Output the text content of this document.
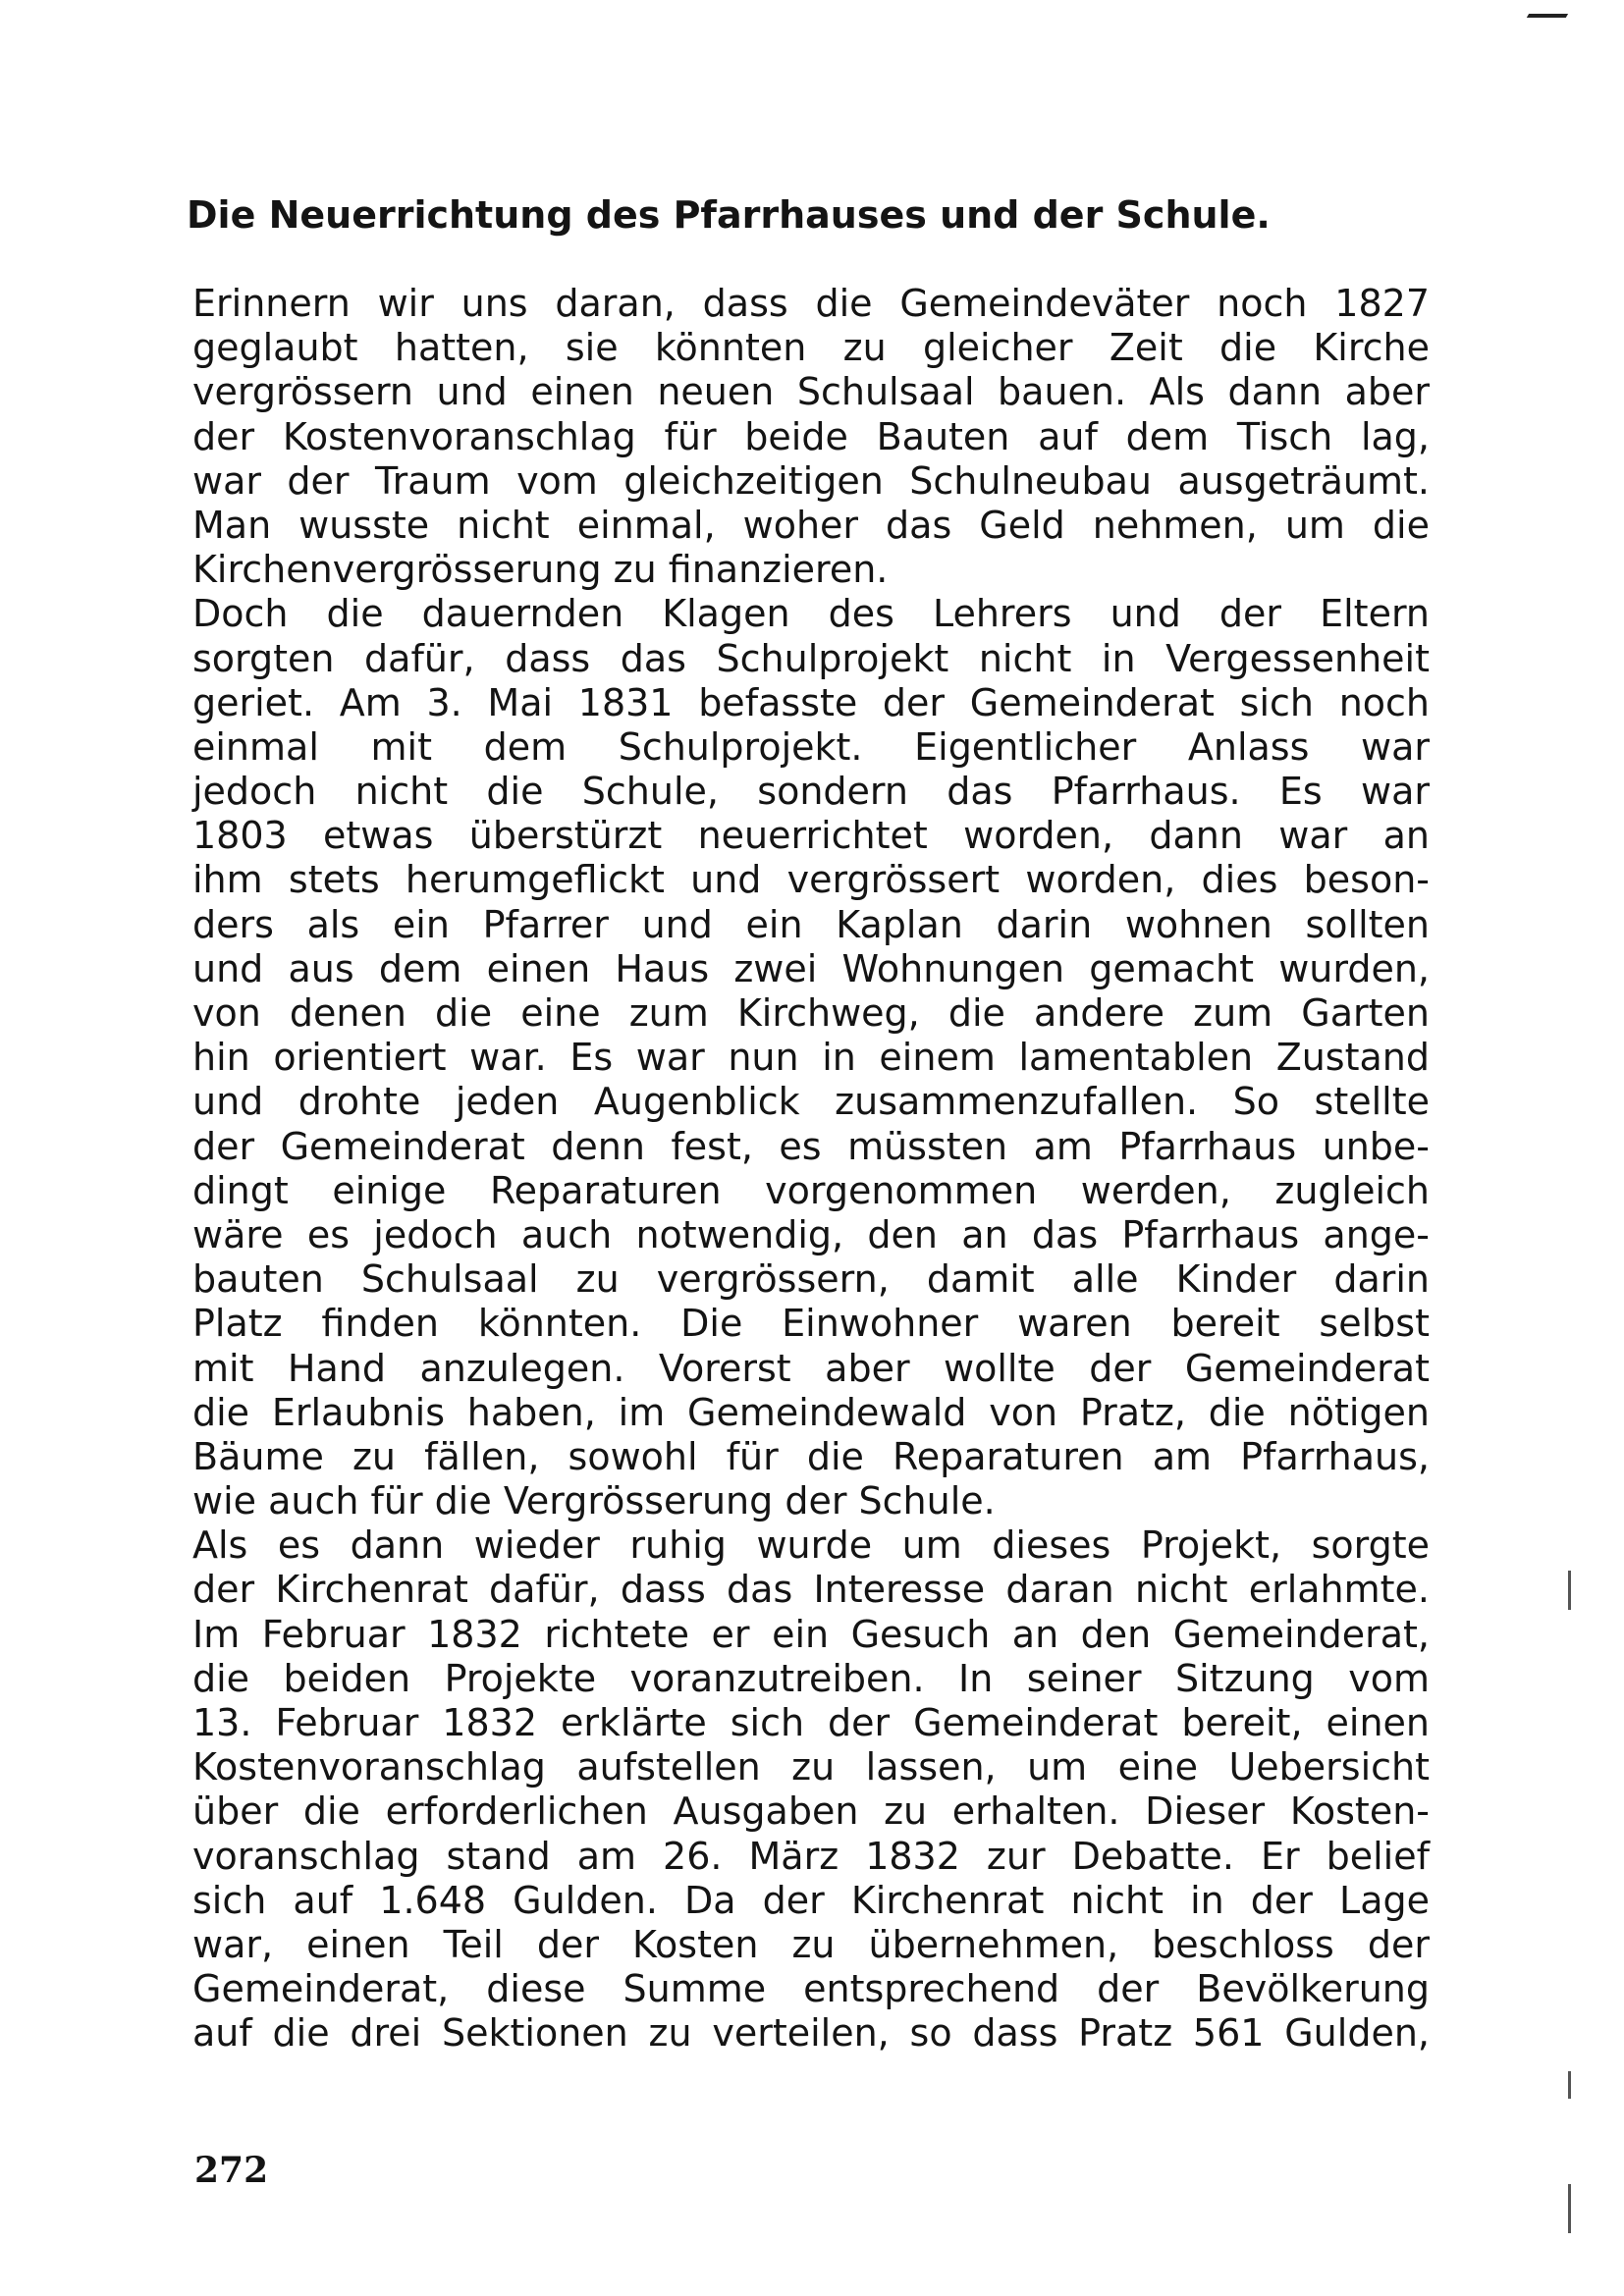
Die Neuerrichtung des Pfarrhauses und der Schule.
Erinnern wir uns daran, dass die Gemeindeväter noch 1827
geglaubt hatten, sie könnten zu gleicher Zeit die Kirche
vergrössern und einen neuen Schulsaal bauen. Als dann aber
der Kostenvoranschlag für beide Bauten auf dem Tisch lag,
war der Traum vom gleichzeitigen Schulneubau ausgeträumt.
Man wusste nicht einmal, woher das Geld nehmen, um die
Kirchenvergrösserung zu finanzieren.
Doch die dauernden Klagen des Lehrers und der Eltern
sorgten dafür, dass das Schulprojekt nicht in Vergessenheit
geriet. Am 3. Mai 1831 befasste der Gemeinderat sich noch
einmal mit dem Schulprojekt. Eigentlicher Anlass war
jedoch nicht die Schule, sondern das Pfarrhaus. Es war
1803 etwas überstürzt neuerrichtet worden, dann war an
ihm stets herumgeflickt und vergrössert worden, dies beson-
ders als ein Pfarrer und ein Kaplan darin wohnen sollten
und aus dem einen Haus zwei Wohnungen gemacht wurden,
von denen die eine zum Kirchweg, die andere zum Garten
hin orientiert war. Es war nun in einem lamentablen Zustand
und drohte jeden Augenblick zusammenzufallen. So stellte
der Gemeinderat denn fest, es müssten am Pfarrhaus unbe-
dingt einige Reparaturen vorgenommen werden, zugleich
wäre es jedoch auch notwendig, den an das Pfarrhaus ange-
bauten Schulsaal zu vergrössern, damit alle Kinder darin
Platz finden könnten. Die Einwohner waren bereit selbst
mit Hand anzulegen. Vorerst aber wollte der Gemeinderat
die Erlaubnis haben, im Gemeindewald von Pratz, die nötigen
Bäume zu fällen, sowohl für die Reparaturen am Pfarrhaus,
wie auch für die Vergrösserung der Schule.
Als es dann wieder ruhig wurde um dieses Projekt, sorgte
der Kirchenrat dafür, dass das Interesse daran nicht erlahmte.
Im Februar 1832 richtete er ein Gesuch an den Gemeinderat,
die beiden Projekte voranzutreiben. In seiner Sitzung vom
13. Februar 1832 erklärte sich der Gemeinderat bereit, einen
Kostenvoranschlag aufstellen zu lassen, um eine Uebersicht
über die erforderlichen Ausgaben zu erhalten. Dieser Kosten-
voranschlag stand am 26. März 1832 zur Debatte. Er belief
sich auf 1.648 Gulden. Da der Kirchenrat nicht in der Lage
war, einen Teil der Kosten zu übernehmen, beschloss der
Gemeinderat, diese Summe entsprechend der Bevölkerung
auf die drei Sektionen zu verteilen, so dass Pratz 561 Gulden,
272
